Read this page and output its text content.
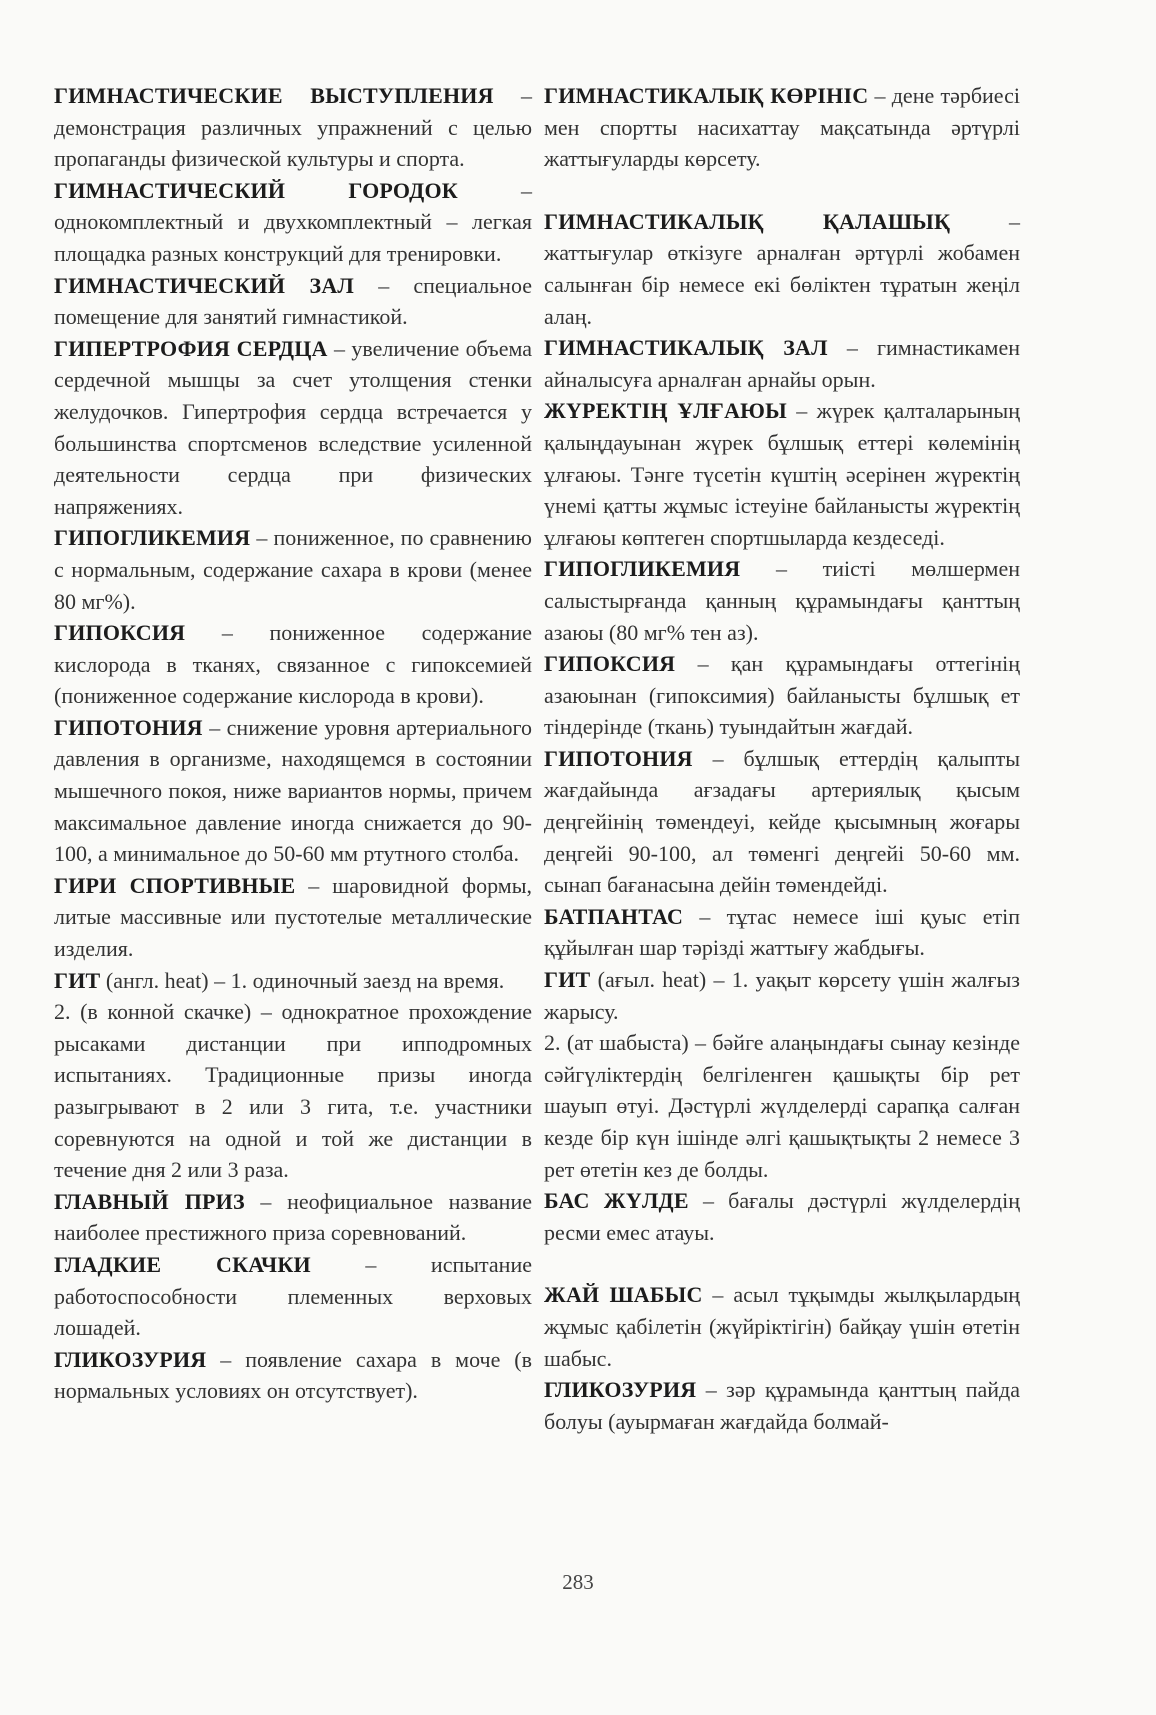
ГИМНАСТИЧЕСКИЕ ВЫСТУПЛЕНИЯ – демонстрация различных упражнений с целью пропаганды физической культуры и спорта.

ГИМНАСТИЧЕСКИЙ ГОРОДОК – однокомплектный и двухкомплектный – легкая площадка разных конструкций для тренировки.

ГИМНАСТИЧЕСКИЙ ЗАЛ – специальное помещение для занятий гимнастикой.

ГИПЕРТРОФИЯ СЕРДЦА – увеличение объема сердечной мышцы за счет утолщения стенки желудочков. Гипертрофия сердца встречается у большинства спортсменов вследствие усиленной деятельности сердца при физических напряжениях.

ГИПОГЛИКЕМИЯ – пониженное, по сравнению с нормальным, содержание сахара в крови (менее 80 мг%).

ГИПОКСИЯ – пониженное содержание кислорода в тканях, связанное с гипоксемией (пониженное содержание кислорода в крови).

ГИПОТОНИЯ – снижение уровня артериального давления в организме, находящемся в состоянии мышечного покоя, ниже вариантов нормы, причем максимальное давление иногда снижается до 90-100, а минимальное до 50-60 мм ртутного столба.

ГИРИ СПОРТИВНЫЕ – шаровидной формы, литые массивные или пустотелые металлические изделия.

ГИТ (англ. heat) – 1. одиночный заезд на время.

2. (в конной скачке) – однократное прохождение рысаками дистанции при ипподромных испытаниях. Традиционные призы иногда разыгрывают в 2 или 3 гита, т.е. участники соревнуются на одной и той же дистанции в течение дня 2 или 3 раза.

ГЛАВНЫЙ ПРИЗ – неофициальное название наиболее престижного приза соревнований.

ГЛАДКИЕ СКАЧКИ – испытание работоспособности племенных верховых лошадей.

ГЛИКОЗУРИЯ – появление сахара в моче (в нормальных условиях он отсутствует).

ГИМНАСТИКАЛЫҚ КӨРІНІС – дене тәрбиесі мен спортты насихаттау мақсатында әртүрлі жаттығуларды көрсету.

ГИМНАСТИКАЛЫҚ ҚАЛАШЫҚ – жаттығулар өткізуге арналған әртүрлі жобамен салынған бір немесе екі бөліктен тұратын жеңіл алаң.

ГИМНАСТИКАЛЫҚ ЗАЛ – гимнастикамен айналысуға арналған арнайы орын.

ЖҮРЕКТІҢ ҰЛҒАЮЫ – жүрек қалталарының қалыңдауынан жүрек бұлшық еттері көлемінің ұлғаюы. Тәнге түсетін күштің әсерінен жүректің үнемі қатты жұмыс істеуіне байланысты жүректің ұлғаюы көптеген спортшыларда кездеседі.

ГИПОГЛИКЕМИЯ – тиісті мөлшермен салыстырғанда қанның құрамындағы қанттың азаюы (80 мг% тен аз).

ГИПОКСИЯ – қан құрамындағы оттегінің азаюынан (гипоксимия) байланысты бұлшық ет тіндерінде (ткань) туындайтын жағдай.

ГИПОТОНИЯ – бұлшық еттердің қалыпты жағдайында ағзадағы артериялық қысым деңгейінің төмендеуі, кейде қысымның жоғары деңгейі 90-100, ал төменгі деңгейі 50-60 мм. сынап бағанасына дейін төмендейді.

БАТПАНТАС – тұтас немесе іші қуыс етіп құйылған шар тәрізді жаттығу жабдығы.

ГИТ (ағыл. heat) – 1. уақыт көрсету үшін жалғыз жарысу.

2. (ат шабыста) – бәйге алаңындағы сынау кезінде сәйгүліктердің белгіленген қашықты бір рет шауып өтуі. Дәстүрлі жүлделерді сарапқа салған кезде бір күн ішінде әлгі қашықтықты 2 немесе 3 рет өтетін кез де болды.

БАС ЖҮЛДЕ – бағалы дәстүрлі жүлделердің ресми емес атауы.

ЖАЙ ШАБЫС – асыл тұқымды жылқылардың жұмыс қабілетін (жүйріктігін) байқау үшін өтетін шабыс.

ГЛИКОЗУРИЯ – зәр құрамында қанттың пайда болуы (ауырмаған жағдайда болмай-

283
